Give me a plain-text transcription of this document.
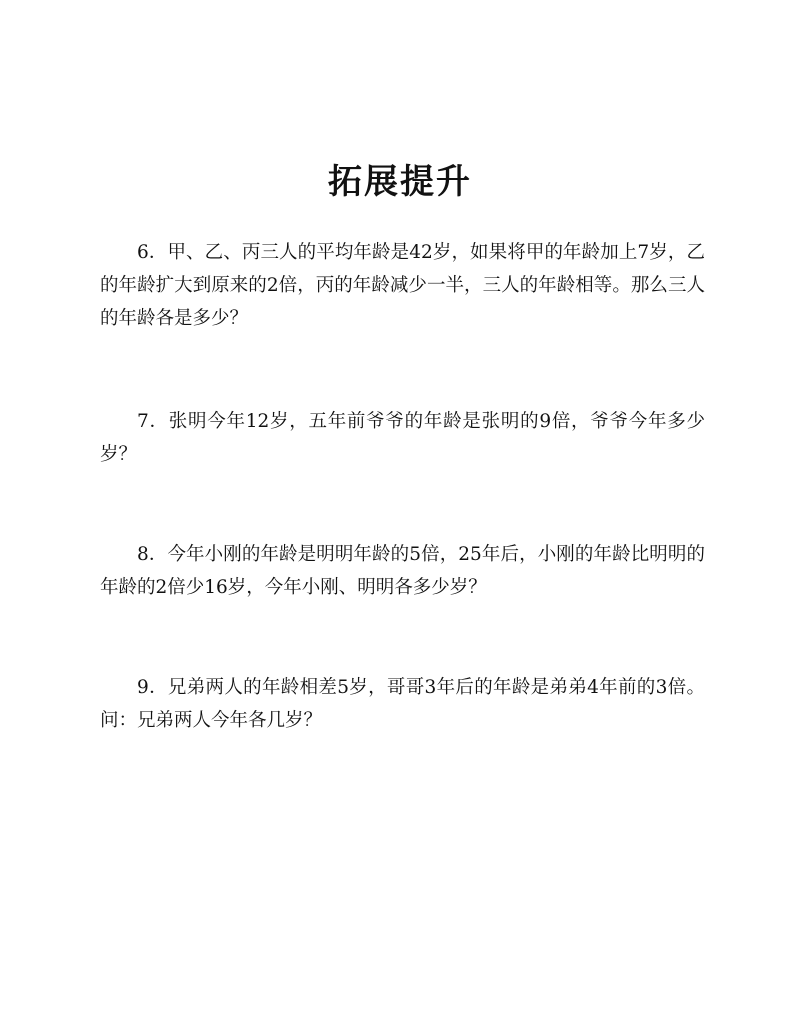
拓展提升

6．甲、乙、丙三人的平均年龄是42岁，如果将甲的年龄加上7岁，乙的年龄扩大到原来的2倍，丙的年龄减少一半，三人的年龄相等。那么三人的年龄各是多少？

7．张明今年12岁，五年前爷爷的年龄是张明的9倍，爷爷今年多少岁？

8．今年小刚的年龄是明明年龄的5倍，25年后，小刚的年龄比明明的年龄的2倍少16岁，今年小刚、明明各多少岁？

9．兄弟两人的年龄相差5岁，哥哥3年后的年龄是弟弟4年前的3倍。问：兄弟两人今年各几岁？
